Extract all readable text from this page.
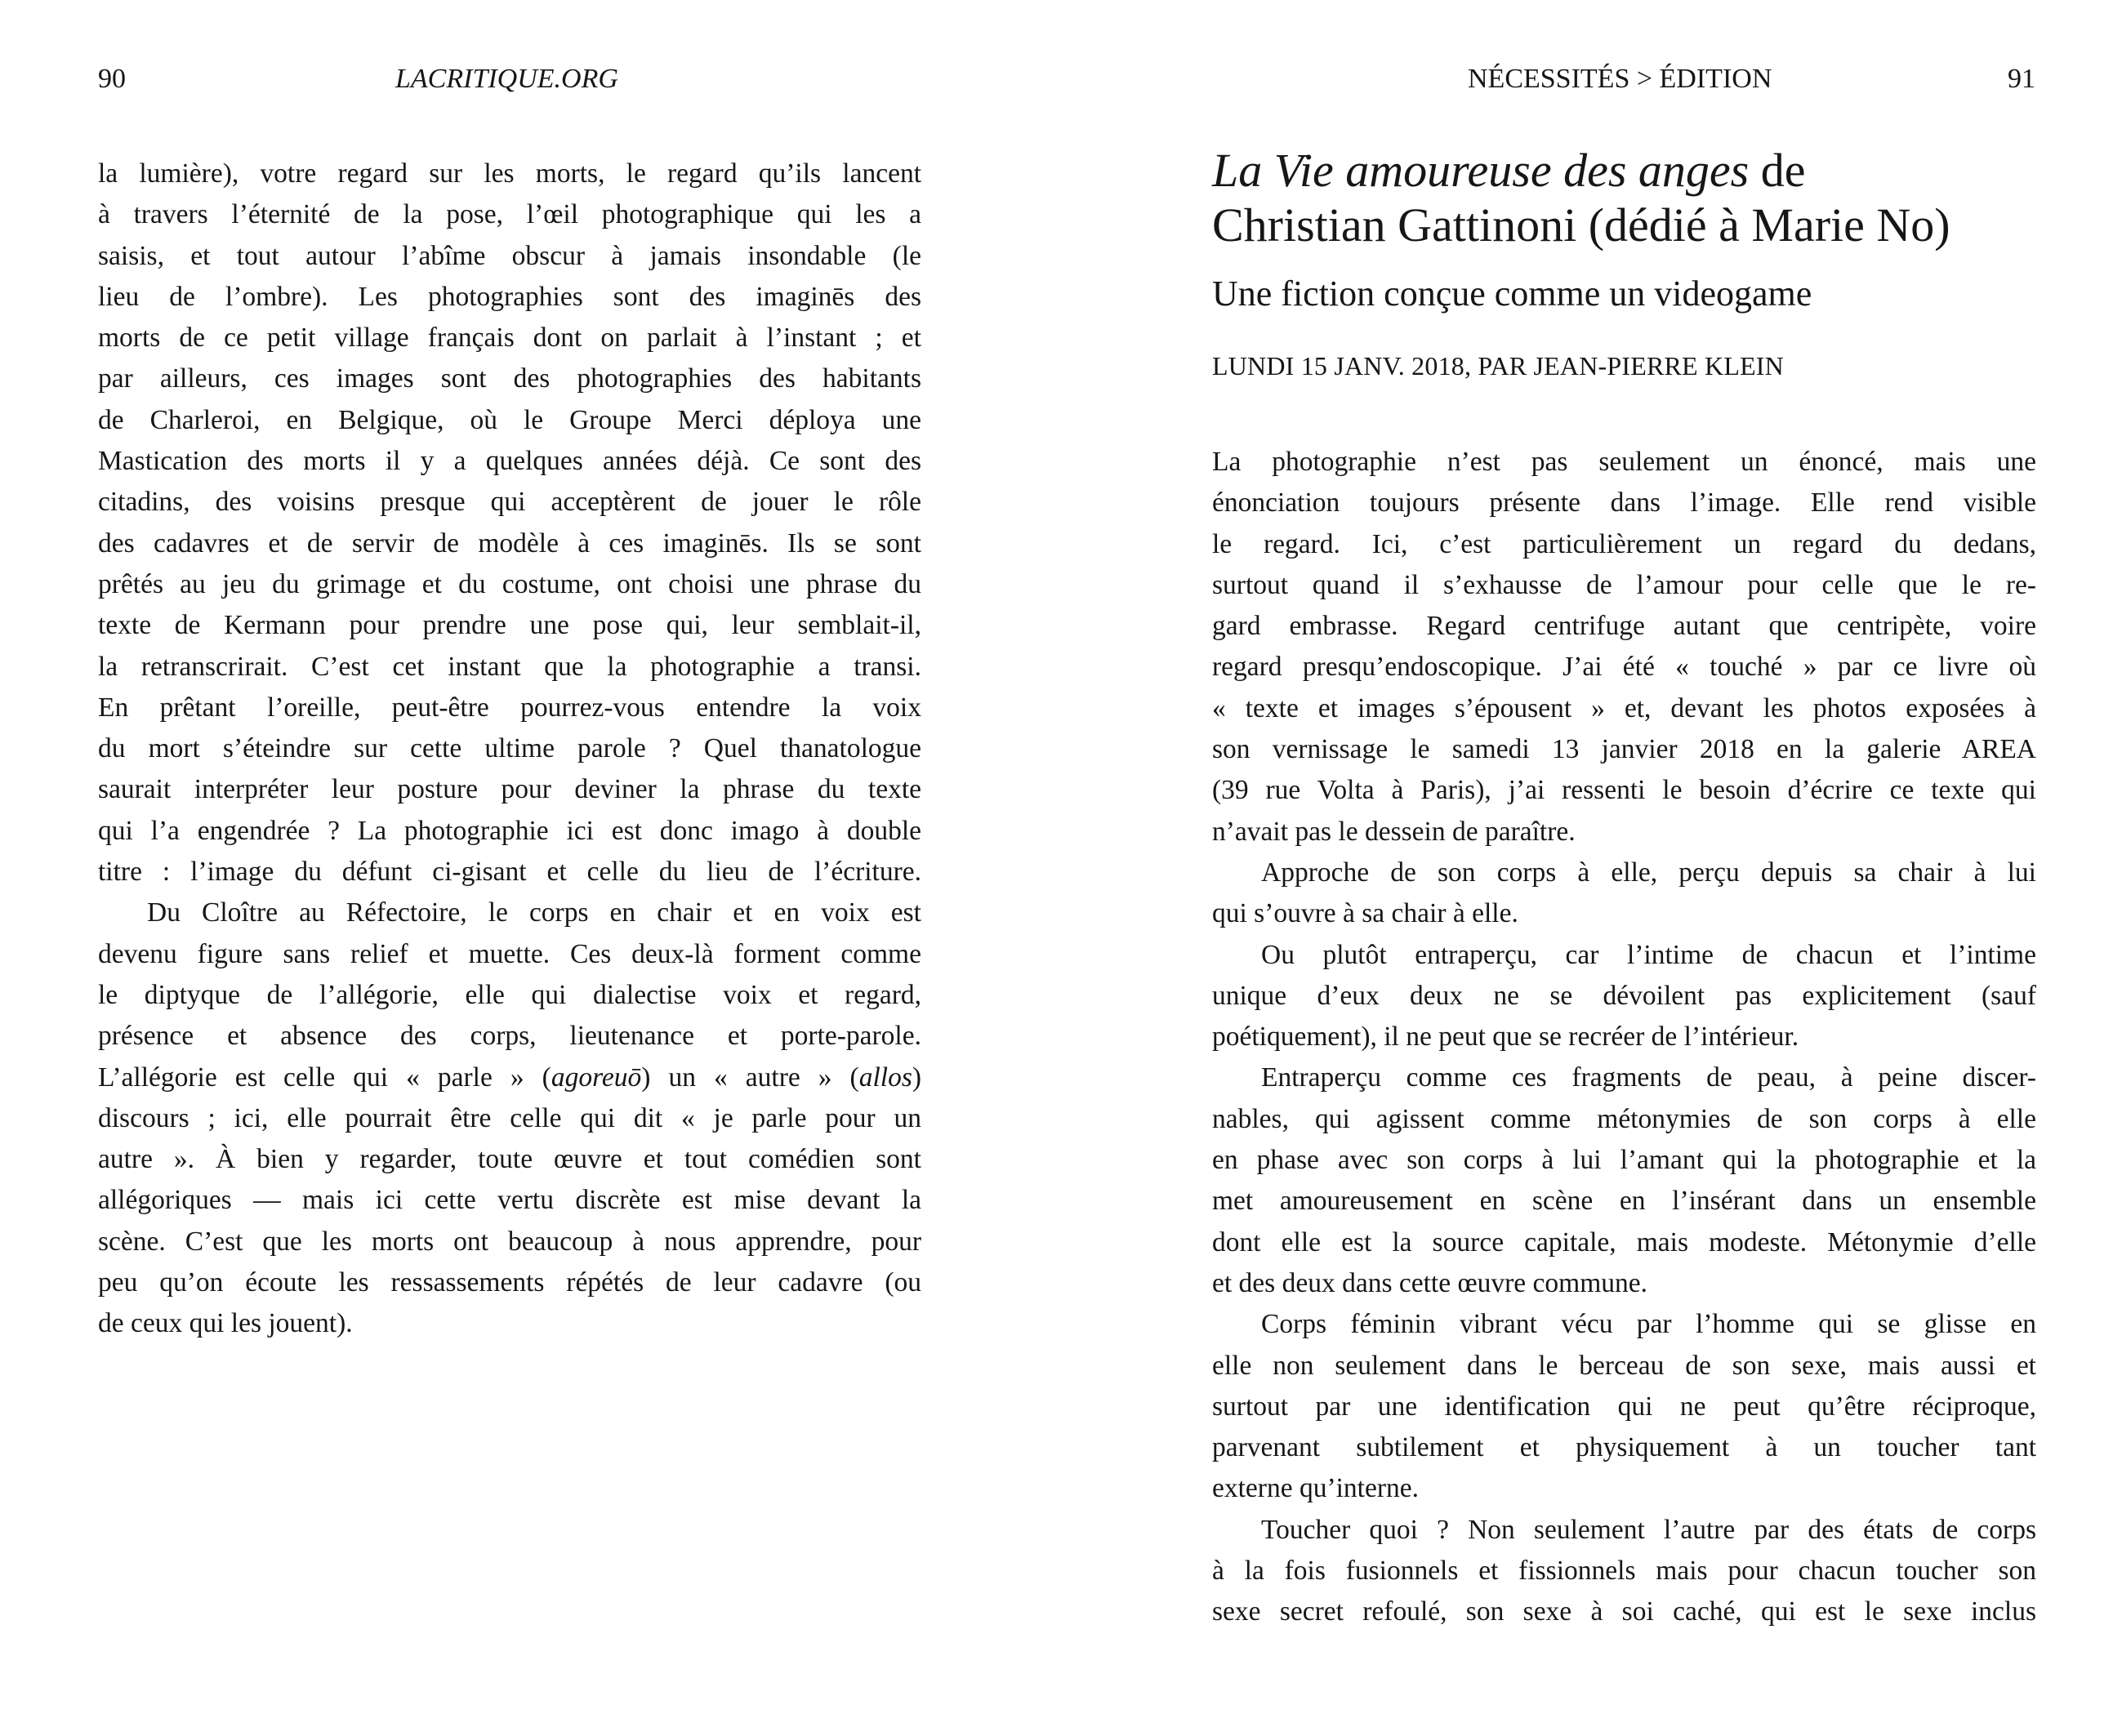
90	LACRITIQUE.ORG
la lumière), votre regard sur les morts, le regard qu’ils lancent
à travers l’éternité de la pose, l’œil photographique qui les a
saisis, et tout autour l’abîme obscur à jamais insondable (le
lieu de l’ombre). Les photographies sont des imaginēs des
morts de ce petit village français dont on parlait à l’instant ; et
par ailleurs, ces images sont des photographies des habitants
de Charleroi, en Belgique, où le Groupe Merci déploya une
Mastication des morts il y a quelques années déjà. Ce sont des
citadins, des voisins presque qui acceptèrent de jouer le rôle
des cadavres et de servir de modèle à ces imaginēs. Ils se sont
prêtés au jeu du grimage et du costume, ont choisi une phrase du
texte de Kermann pour prendre une pose qui, leur semblait-il,
la retranscrirait. C’est cet instant que la photographie a transi.
En prêtant l’oreille, peut-être pourrez-vous entendre la voix
du mort s’éteindre sur cette ultime parole ? Quel thanatologue
saurait interpréter leur posture pour deviner la phrase du texte
qui l’a engendrée ? La photographie ici est donc imago à double
titre : l’image du défunt ci-gisant et celle du lieu de l’écriture.
Du Cloître au Réfectoire, le corps en chair et en voix est
devenu figure sans relief et muette. Ces deux-là forment comme
le diptyque de l’allégorie, elle qui dialectise voix et regard,
présence et absence des corps, lieutenance et porte-parole.
L’allégorie est celle qui « parle » (agoreuō) un « autre » (allos)
discours ; ici, elle pourrait être celle qui dit « je parle pour un
autre ». À bien y regarder, toute œuvre et tout comédien sont
allégoriques — mais ici cette vertu discrète est mise devant la
scène. C’est que les morts ont beaucoup à nous apprendre, pour
peu qu’on écoute les ressassements répétés de leur cadavre (ou
de ceux qui les jouent).
NÉCESSITÉS > ÉDITION	91
La Vie amoureuse des anges de
Christian Gattinoni (dédié à Marie No)
Une fiction conçue comme un videogame
LUNDI 15 JANV. 2018, PAR JEAN-PIERRE KLEIN
La photographie n’est pas seulement un énoncé, mais une
énonciation toujours présente dans l’image. Elle rend visible
le regard. Ici, c’est particulièrement un regard du dedans,
surtout quand il s’exhausse de l’amour pour celle que le re-
gard embrasse. Regard centrifuge autant que centripète, voire
regard presqu’endoscopique. J’ai été « touché » par ce livre où
« texte et images s’épousent » et, devant les photos exposées à
son vernissage le samedi 13 janvier 2018 en la galerie AREA
(39 rue Volta à Paris), j’ai ressenti le besoin d’écrire ce texte qui
n’avait pas le dessein de paraître.
Approche de son corps à elle, perçu depuis sa chair à lui
qui s’ouvre à sa chair à elle.
Ou plutôt entraperçu, car l’intime de chacun et l’intime
unique d’eux deux ne se dévoilent pas explicitement (sauf
poétiquement), il ne peut que se recréer de l’intérieur.
Entraperçu comme ces fragments de peau, à peine discer-
nables, qui agissent comme métonymies de son corps à elle
en phase avec son corps à lui l’amant qui la photographie et la
met amoureusement en scène en l’insérant dans un ensemble
dont elle est la source capitale, mais modeste. Métonymie d’elle
et des deux dans cette œuvre commune.
Corps féminin vibrant vécu par l’homme qui se glisse en
elle non seulement dans le berceau de son sexe, mais aussi et
surtout par une identification qui ne peut qu’être réciproque,
parvenant subtilement et physiquement à un toucher tant
externe qu’interne.
Toucher quoi ? Non seulement l’autre par des états de corps
à la fois fusionnels et fissionnels mais pour chacun toucher son
sexe secret refoulé, son sexe à soi caché, qui est le sexe inclus
